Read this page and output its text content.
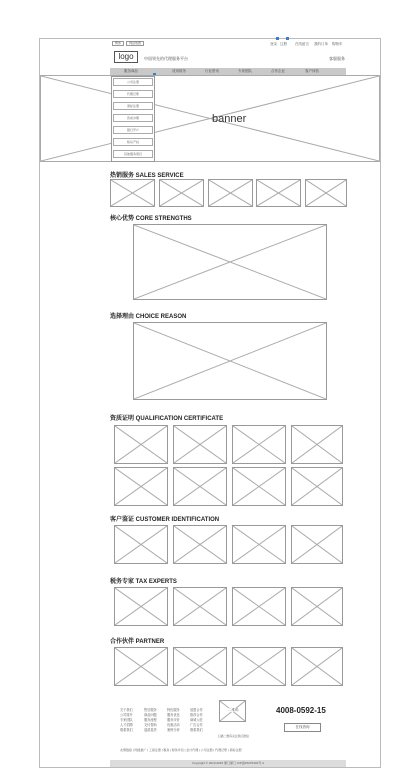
繁体	网站地图	登录 注册 在线留言 我的订单 购物车
logo	中国领先的代理服务平台	客服服务
服务商品	适用财务	行业资讯	专家团队	合作企业	客户体验
banner
公司注册
代理记账
商标注册
资质办理
银行开户
知识产权
其他服务项目
热销服务 SALES SERVICE
核心优势 CORE STRENGTHS
选择理由 CHOICE REASON
资质证明 QUALIFICATION CERTIFICATE
客户鉴证 CUSTOMER IDENTIFICATION
税务专家 TAX EXPERTS
合作伙伴 PARTNER
关于我们
公司简介
专家团队
人才招聘
联系我们
售后服务
商品问题
服务流程
支付帮助
退款退货
特色服务
服务优化
服务评价
优惠活动
案例分析
加盟合作
推荐合作
商城入驻
广告合作
联系我们
二维码
扫描二维码关注我们微信
4008-0592-15
在线咨询
友情链接 | 网络推广 | 工商注册 | 税务 | 财务外包 | 会计代理 | 公司注册 | 代理记账 | 商标注册
Copyright © 2013-2015 厦门厦门 ICP备15076334号-4
